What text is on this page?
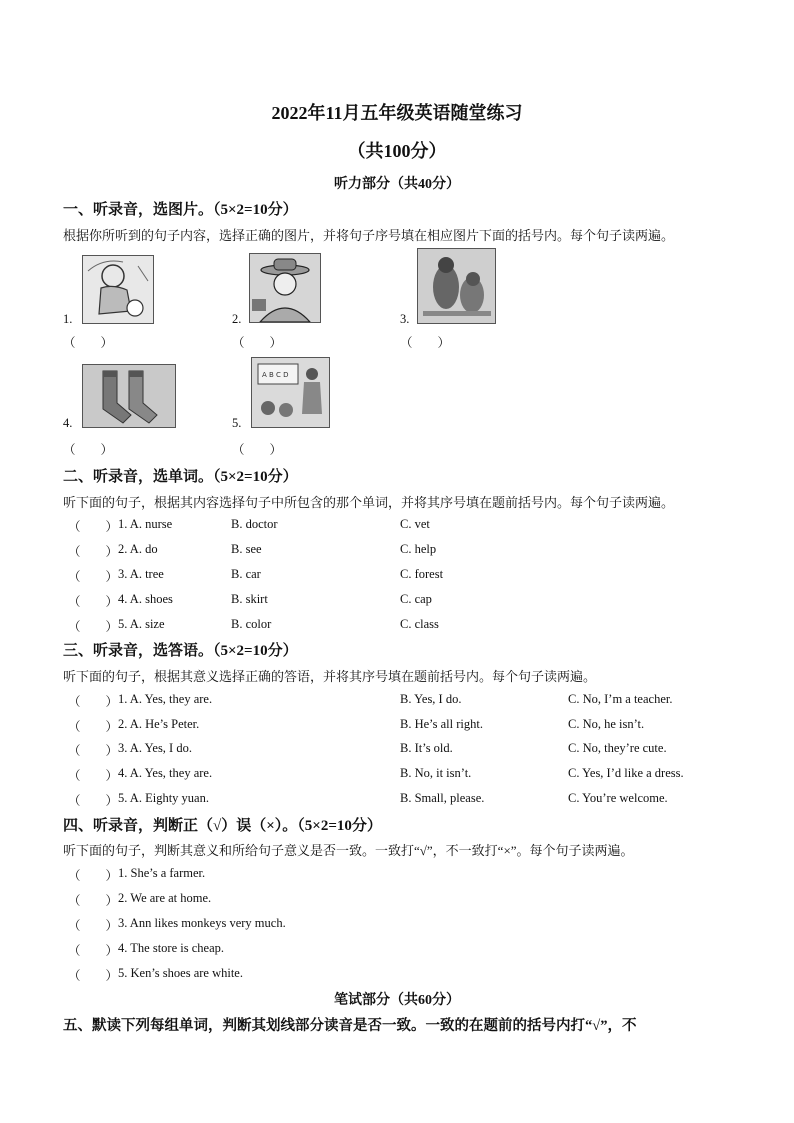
2022年11月五年级英语随堂练习
（共100分）
听力部分（共40分）
一、听录音，选图片。（5×2=10分）
根据你所听到的句子内容，选择正确的图片，并将句子序号填在相应图片下面的括号内。每个句子读两遍。
1.
（　　）
2.
（　　）
3.
（　　）
4.
（　　）
A B C D
5.
（　　）
二、听录音，选单词。（5×2=10分）
听下面的句子，根据其内容选择句子中所包含的那个单词，并将其序号填在题前括号内。每个句子读两遍。
（　　） 1. A. nurse	B. doctor	C. vet
（　　） 2. A. do	B. see	C. help
（　　） 3. A. tree	B. car	C. forest
（　　） 4. A. shoes	B. skirt	C. cap
（　　） 5. A. size	B. color	C. class
三、听录音，选答语。（5×2=10分）
听下面的句子，根据其意义选择正确的答语，并将其序号填在题前括号内。每个句子读两遍。
（　　） 1. A. Yes, they are.	B. Yes, I do.	C. No, I’m a teacher.
（　　） 2. A. He’s Peter.	B. He’s all right.	C. No, he isn’t.
（　　） 3. A. Yes, I do.	B. It’s old.	C. No, they’re cute.
（　　） 4. A. Yes, they are.	B. No, it isn’t.	C. Yes, I’d like a dress.
（　　） 5. A. Eighty yuan.	B. Small, please.	C. You’re welcome.
四、听录音，判断正（√）误（×）。（5×2=10分）
听下面的句子，判断其意义和所给句子意义是否一致。一致打“√”，不一致打“×”。每个句子读两遍。
（　　） 1. She’s a farmer.
（　　） 2. We are at home.
（　　） 3. Ann likes monkeys very much.
（　　） 4. The store is cheap.
（　　） 5. Ken’s shoes are white.
笔试部分（共60分）
五、默读下列每组单词，判断其划线部分读音是否一致。一致的在题前的括号内打“√”，不
